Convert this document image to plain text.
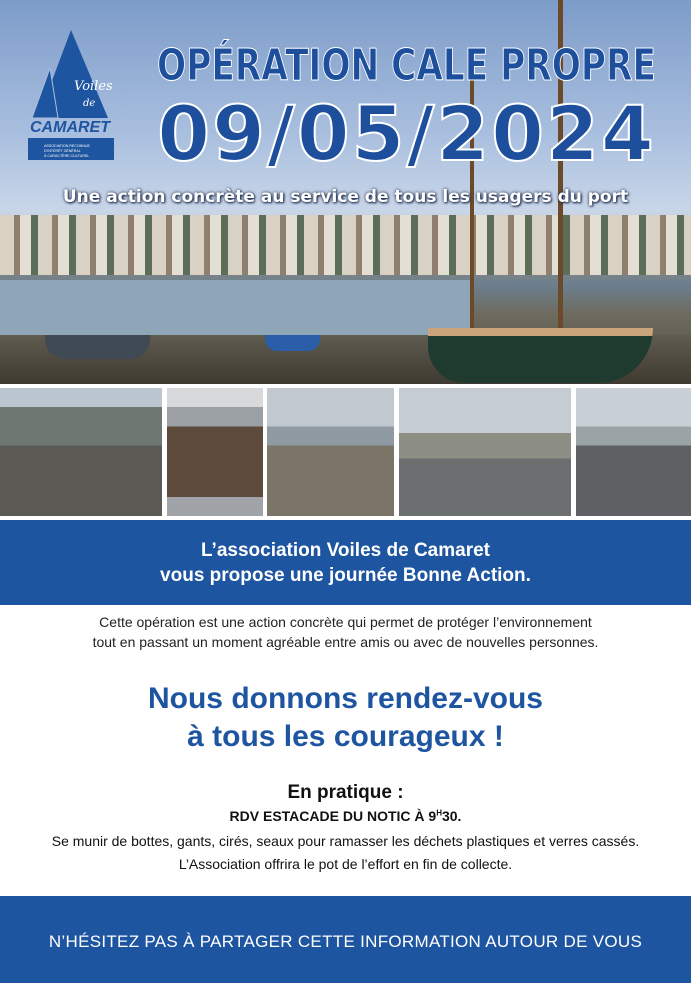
Voiles
de
CAMARET
ASSOCIATION RECONNUE
D'INTÉRÊT GÉNÉRAL
À CARACTÈRE CULTUREL
OPÉRATION CALE PROPRE
09/05/2024
Une action concrète au service de tous les usagers du port
L’association Voiles de Camaret
vous propose une journée Bonne Action.
Cette opération est une action concrète qui permet de protéger l’environnement
tout en passant un moment agréable entre amis ou avec de nouvelles personnes.
Nous donnons rendez-vous
à tous les courageux !
En pratique :
RDV ESTACADE DU NOTIC À $9^H30$.

Se munir de bottes, gants, cirés, seaux pour ramasser les déchets plastiques et verres cassés.

L’Association offrira le pot de l’effort en fin de collecte.

N’HÉSITEZ PAS À PARTAGER CETTE INFORMATION AUTOUR DE VOUS
